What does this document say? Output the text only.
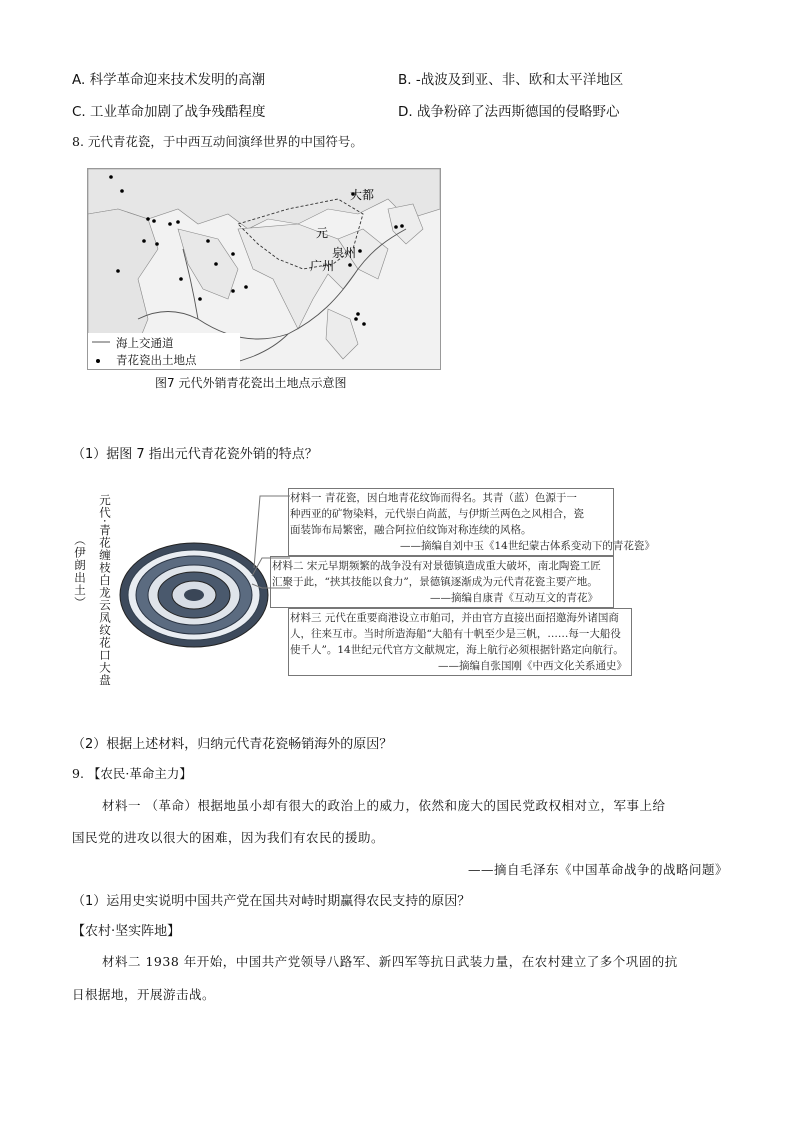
A. 科学革命迎来技术发明的高潮	B. -战波及到亚、非、欧和太平洋地区
C. 工业革命加剧了战争残酷程度	D. 战争粉碎了法西斯德国的侵略野心
8. 元代青花瓷，于中西互动间演绎世界的中国符号。
大都
元
泉州
广州
海上交通道
青花瓷出土地点
图7 元代外销青花瓷出土地点示意图
（1）据图 7 指出元代青花瓷外销的特点？
元代·青花缠枝白龙云凤纹花口大盘
（伊朗出土）
材料一 青花瓷，因白地青花纹饰而得名。其青（蓝）色源于一
种西亚的矿物染料，元代崇白尚蓝，与伊斯兰两色之风相合，瓷
面装饰布局繁密，融合阿拉伯纹饰对称连续的风格。
——摘编自刘中玉《14世纪蒙古体系变动下的青花瓷》
材料二 宋元早期频繁的战争没有对景德镇造成重大破坏，南北陶瓷工匠
汇聚于此，“挟其技能以食力”，景德镇逐渐成为元代青花瓷主要产地。
——摘编自康青《互动互文的青花》
材料三 元代在重要商港设立市舶司，并由官方直接出面招邀海外诸国商
人，往来互市。当时所造海船“大船有十帆至少是三帆，……每一大船役
使千人”。14世纪元代官方文献规定，海上航行必须根据针路定向航行。
——摘编自张国刚《中西文化关系通史》
（2）根据上述材料，归纳元代青花瓷畅销海外的原因？
9. 【农民·革命主力】
材料一 （革命）根据地虽小却有很大的政治上的威力，依然和庞大的国民党政权相对立，军事上给
国民党的进攻以很大的困难，因为我们有农民的援助。
——摘自毛泽东《中国革命战争的战略问题》
（1）运用史实说明中国共产党在国共对峙时期赢得农民支持的原因？
【农村·坚实阵地】
材料二 1938 年开始，中国共产党领导八路军、新四军等抗日武装力量，在农村建立了多个巩固的抗
日根据地，开展游击战。
